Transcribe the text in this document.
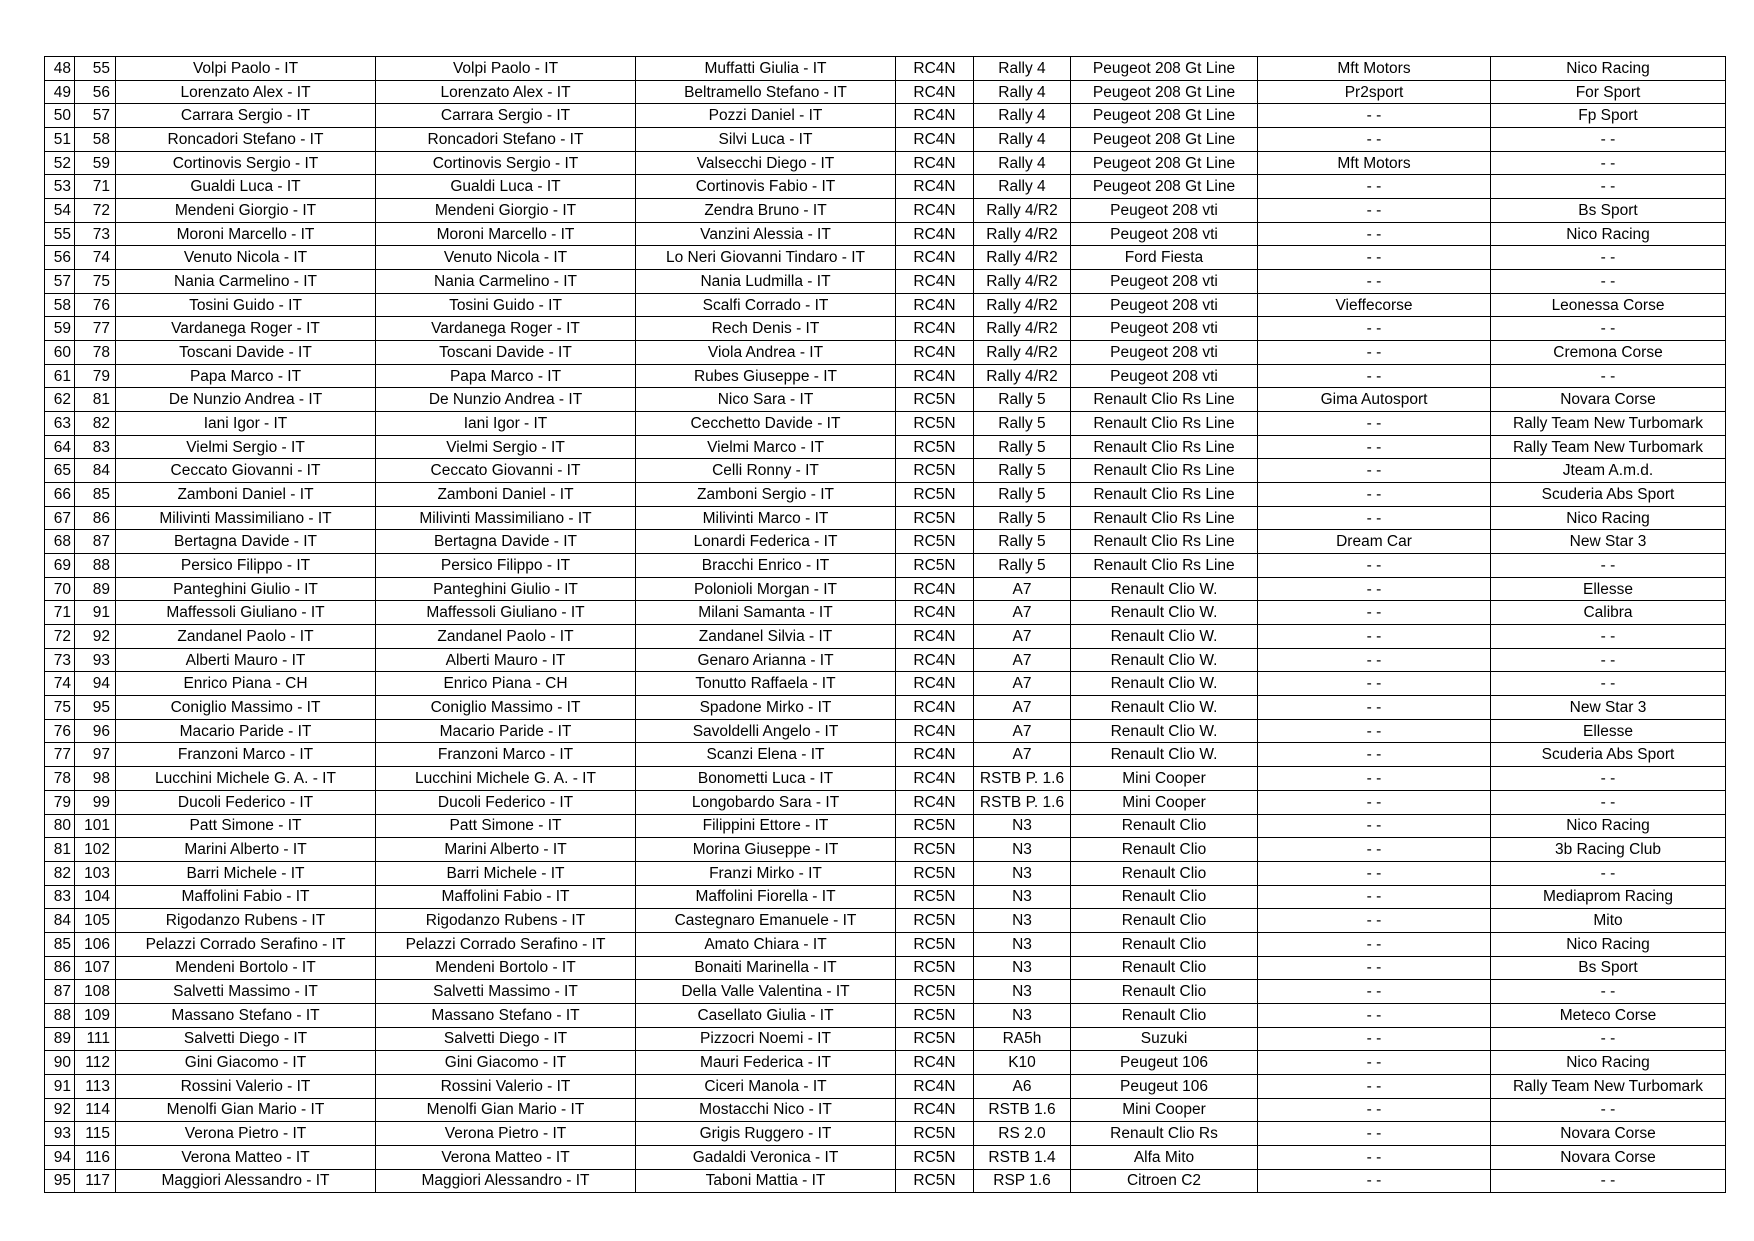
48	55	Volpi Paolo - IT	Volpi Paolo - IT	Muffatti Giulia - IT	RC4N	Rally 4	Peugeot 208 Gt Line	Mft Motors	Nico Racing
49	56	Lorenzato Alex - IT	Lorenzato Alex - IT	Beltramello Stefano - IT	RC4N	Rally 4	Peugeot 208 Gt Line	Pr2sport	For Sport
50	57	Carrara Sergio - IT	Carrara Sergio - IT	Pozzi Daniel - IT	RC4N	Rally 4	Peugeot 208 Gt Line	- -	Fp Sport
51	58	Roncadori Stefano - IT	Roncadori Stefano - IT	Silvi Luca - IT	RC4N	Rally 4	Peugeot 208 Gt Line	- -	- -
52	59	Cortinovis Sergio - IT	Cortinovis Sergio - IT	Valsecchi Diego - IT	RC4N	Rally 4	Peugeot 208 Gt Line	Mft Motors	- -
53	71	Gualdi Luca - IT	Gualdi Luca - IT	Cortinovis Fabio - IT	RC4N	Rally 4	Peugeot 208 Gt Line	- -	- -
54	72	Mendeni Giorgio - IT	Mendeni Giorgio - IT	Zendra Bruno - IT	RC4N	Rally 4/R2	Peugeot 208 vti	- -	Bs Sport
55	73	Moroni Marcello - IT	Moroni Marcello - IT	Vanzini Alessia - IT	RC4N	Rally 4/R2	Peugeot 208 vti	- -	Nico Racing
56	74	Venuto Nicola - IT	Venuto Nicola - IT	Lo Neri Giovanni Tindaro - IT	RC4N	Rally 4/R2	Ford Fiesta	- -	- -
57	75	Nania Carmelino - IT	Nania Carmelino - IT	Nania Ludmilla - IT	RC4N	Rally 4/R2	Peugeot 208 vti	- -	- -
58	76	Tosini Guido - IT	Tosini Guido - IT	Scalfi Corrado - IT	RC4N	Rally 4/R2	Peugeot 208 vti	Vieffecorse	Leonessa Corse
59	77	Vardanega Roger - IT	Vardanega Roger - IT	Rech Denis - IT	RC4N	Rally 4/R2	Peugeot 208 vti	- -	- -
60	78	Toscani Davide - IT	Toscani Davide - IT	Viola Andrea - IT	RC4N	Rally 4/R2	Peugeot 208 vti	- -	Cremona Corse
61	79	Papa Marco - IT	Papa Marco - IT	Rubes Giuseppe - IT	RC4N	Rally 4/R2	Peugeot 208 vti	- -	- -
62	81	De Nunzio Andrea - IT	De Nunzio Andrea - IT	Nico Sara - IT	RC5N	Rally 5	Renault Clio Rs Line	Gima Autosport	Novara Corse
63	82	Iani Igor - IT	Iani Igor - IT	Cecchetto Davide - IT	RC5N	Rally 5	Renault Clio Rs Line	- -	Rally Team New Turbomark
64	83	Vielmi Sergio - IT	Vielmi Sergio - IT	Vielmi Marco - IT	RC5N	Rally 5	Renault Clio Rs Line	- -	Rally Team New Turbomark
65	84	Ceccato Giovanni - IT	Ceccato Giovanni - IT	Celli Ronny - IT	RC5N	Rally 5	Renault Clio Rs Line	- -	Jteam A.m.d.
66	85	Zamboni Daniel - IT	Zamboni Daniel - IT	Zamboni Sergio - IT	RC5N	Rally 5	Renault Clio Rs Line	- -	Scuderia Abs Sport
67	86	Milivinti Massimiliano - IT	Milivinti Massimiliano - IT	Milivinti Marco - IT	RC5N	Rally 5	Renault Clio Rs Line	- -	Nico Racing
68	87	Bertagna Davide - IT	Bertagna Davide - IT	Lonardi Federica - IT	RC5N	Rally 5	Renault Clio Rs Line	Dream Car	New Star 3
69	88	Persico Filippo - IT	Persico Filippo - IT	Bracchi Enrico - IT	RC5N	Rally 5	Renault Clio Rs Line	- -	- -
70	89	Panteghini Giulio - IT	Panteghini Giulio - IT	Polonioli Morgan - IT	RC4N	A7	Renault Clio W.	- -	Ellesse
71	91	Maffessoli Giuliano - IT	Maffessoli Giuliano - IT	Milani Samanta - IT	RC4N	A7	Renault Clio W.	- -	Calibra
72	92	Zandanel Paolo - IT	Zandanel Paolo - IT	Zandanel Silvia - IT	RC4N	A7	Renault Clio W.	- -	- -
73	93	Alberti Mauro - IT	Alberti Mauro - IT	Genaro Arianna - IT	RC4N	A7	Renault Clio W.	- -	- -
74	94	Enrico Piana - CH	Enrico Piana - CH	Tonutto Raffaela - IT	RC4N	A7	Renault Clio W.	- -	- -
75	95	Coniglio Massimo - IT	Coniglio Massimo - IT	Spadone Mirko - IT	RC4N	A7	Renault Clio W.	- -	New Star 3
76	96	Macario Paride - IT	Macario Paride - IT	Savoldelli Angelo - IT	RC4N	A7	Renault Clio W.	- -	Ellesse
77	97	Franzoni Marco - IT	Franzoni Marco - IT	Scanzi Elena - IT	RC4N	A7	Renault Clio W.	- -	Scuderia Abs Sport
78	98	Lucchini Michele G. A. - IT	Lucchini Michele G. A. - IT	Bonometti Luca - IT	RC4N	RSTB P. 1.6	Mini Cooper	- -	- -
79	99	Ducoli Federico - IT	Ducoli Federico - IT	Longobardo Sara - IT	RC4N	RSTB P. 1.6	Mini Cooper	- -	- -
80	101	Patt Simone - IT	Patt Simone - IT	Filippini Ettore - IT	RC5N	N3	Renault Clio	- -	Nico Racing
81	102	Marini Alberto - IT	Marini Alberto - IT	Morina Giuseppe - IT	RC5N	N3	Renault Clio	- -	3b Racing Club
82	103	Barri Michele - IT	Barri Michele - IT	Franzi Mirko - IT	RC5N	N3	Renault Clio	- -	- -
83	104	Maffolini Fabio - IT	Maffolini Fabio - IT	Maffolini Fiorella - IT	RC5N	N3	Renault Clio	- -	Mediaprom Racing
84	105	Rigodanzo Rubens - IT	Rigodanzo Rubens - IT	Castegnaro Emanuele - IT	RC5N	N3	Renault Clio	- -	Mito
85	106	Pelazzi Corrado Serafino - IT	Pelazzi Corrado Serafino - IT	Amato Chiara - IT	RC5N	N3	Renault Clio	- -	Nico Racing
86	107	Mendeni Bortolo - IT	Mendeni Bortolo - IT	Bonaiti Marinella - IT	RC5N	N3	Renault Clio	- -	Bs Sport
87	108	Salvetti Massimo - IT	Salvetti Massimo - IT	Della Valle Valentina - IT	RC5N	N3	Renault Clio	- -	- -
88	109	Massano Stefano - IT	Massano Stefano - IT	Casellato Giulia - IT	RC5N	N3	Renault Clio	- -	Meteco Corse
89	111	Salvetti Diego - IT	Salvetti Diego - IT	Pizzocri Noemi - IT	RC5N	RA5h	Suzuki	- -	- -
90	112	Gini Giacomo - IT	Gini Giacomo - IT	Mauri Federica - IT	RC4N	K10	Peugeut 106	- -	Nico Racing
91	113	Rossini Valerio - IT	Rossini Valerio - IT	Ciceri Manola - IT	RC4N	A6	Peugeut 106	- -	Rally Team New Turbomark
92	114	Menolfi Gian Mario - IT	Menolfi Gian Mario - IT	Mostacchi Nico - IT	RC4N	RSTB 1.6	Mini Cooper	- -	- -
93	115	Verona Pietro - IT	Verona Pietro - IT	Grigis Ruggero - IT	RC5N	RS 2.0	Renault Clio Rs	- -	Novara Corse
94	116	Verona Matteo - IT	Verona Matteo - IT	Gadaldi Veronica - IT	RC5N	RSTB 1.4	Alfa Mito	- -	Novara Corse
95	117	Maggiori Alessandro - IT	Maggiori Alessandro - IT	Taboni Mattia - IT	RC5N	RSP 1.6	Citroen C2	- -	- -
